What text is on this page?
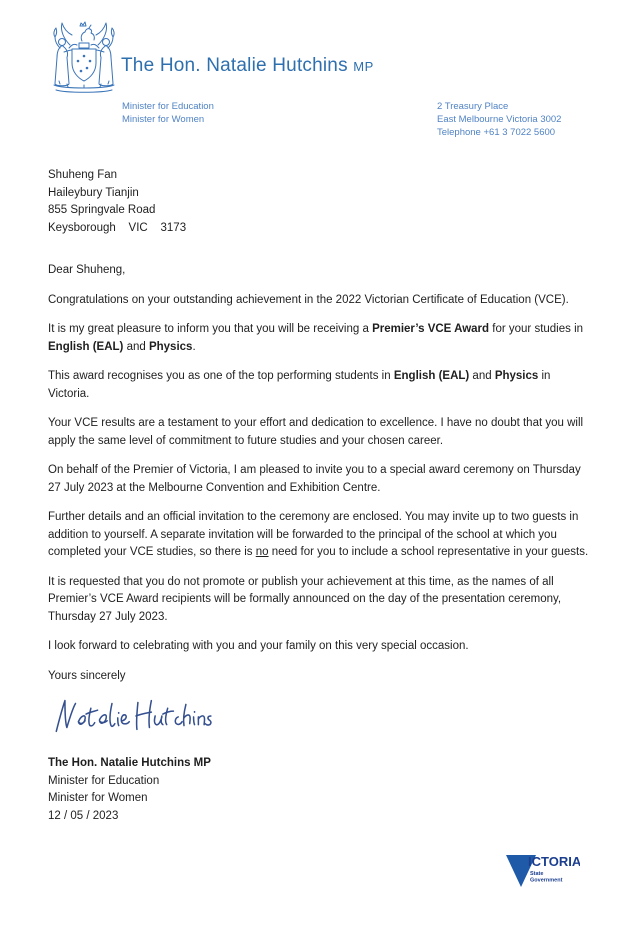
The Hon. Natalie Hutchins MP
Minister for Education
Minister for Women
2 Treasury Place
East Melbourne Victoria 3002
Telephone +61 3 7022 5600
Shuheng Fan
Haileybury Tianjin
855 Springvale Road
Keysborough    VIC    3173

Dear Shuheng,

Congratulations on your outstanding achievement in the 2022 Victorian Certificate of Education (VCE).
It is my great pleasure to inform you that you will be receiving a Premier’s VCE Award for your studies in English (EAL) and Physics.
This award recognises you as one of the top performing students in English (EAL) and Physics in Victoria.
Your VCE results are a testament to your effort and dedication to excellence. I have no doubt that you will apply the same level of commitment to future studies and your chosen career.
On behalf of the Premier of Victoria, I am pleased to invite you to a special award ceremony on Thursday 27 July 2023 at the Melbourne Convention and Exhibition Centre.
Further details and an official invitation to the ceremony are enclosed. You may invite up to two guests in addition to yourself. A separate invitation will be forwarded to the principal of the school at which you completed your VCE studies, so there is no need for you to include a school representative in your guests.
It is requested that you do not promote or publish your achievement at this time, as the names of all Premier’s VCE Award recipients will be formally announced on the day of the presentation ceremony, Thursday 27 July 2023.
I look forward to celebrating with you and your family on this very special occasion.

Yours sincerely

The Hon. Natalie Hutchins MP
Minister for Education
Minister for Women
12 / 05 / 2023
ICTORIA
State
Government
